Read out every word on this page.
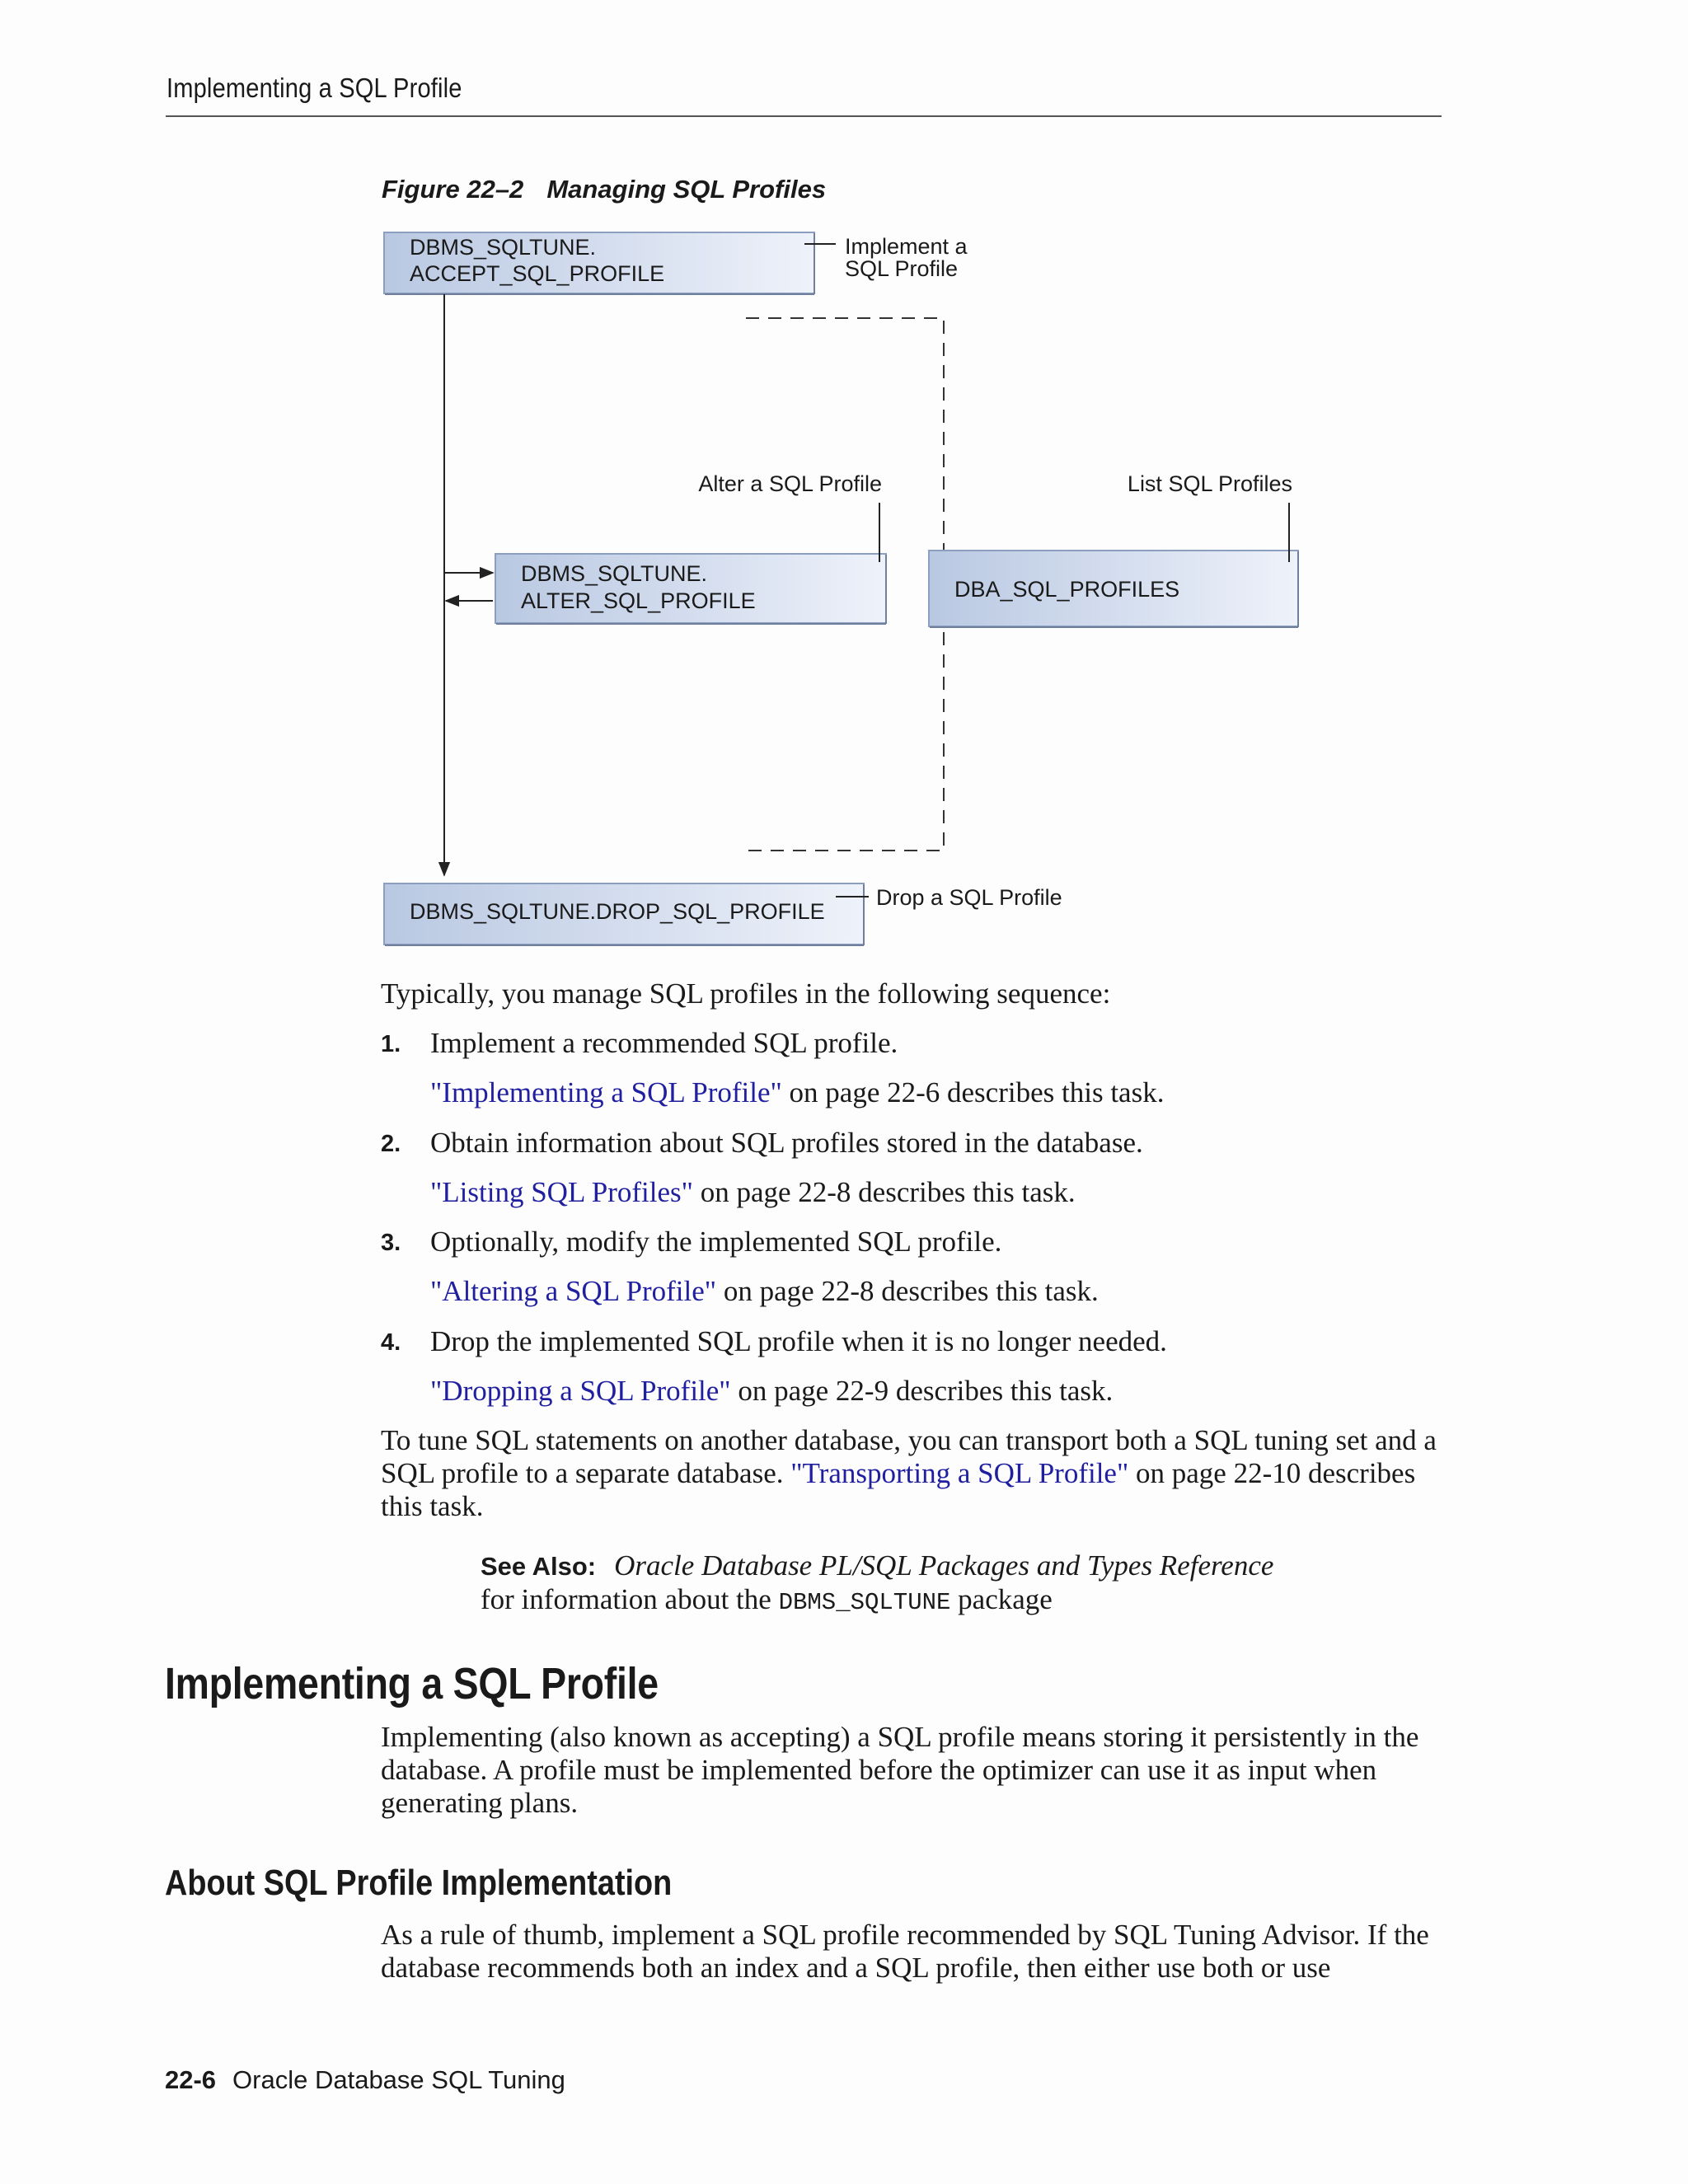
Implementing a SQL Profile
Figure 22–2 Managing SQL Profiles
DBMS_SQLTUNE.
ACCEPT_SQL_PROFILE
Implement a
SQL Profile
DBMS_SQLTUNE.
ALTER_SQL_PROFILE
Alter a SQL Profile
DBA_SQL_PROFILES
List SQL Profiles
DBMS_SQLTUNE.DROP_SQL_PROFILE
Drop a SQL Profile
Typically, you manage SQL profiles in the following sequence:
1. Implement a recommended SQL profile.
"Implementing a SQL Profile" on page 22-6 describes this task.
2. Obtain information about SQL profiles stored in the database.
"Listing SQL Profiles" on page 22-8 describes this task.
3. Optionally, modify the implemented SQL profile.
"Altering a SQL Profile" on page 22-8 describes this task.
4. Drop the implemented SQL profile when it is no longer needed.
"Dropping a SQL Profile" on page 22-9 describes this task.
To tune SQL statements on another database, you can transport both a SQL tuning set and a SQL profile to a separate database. "Transporting a SQL Profile" on page 22-10 describes this task.
See Also: Oracle Database PL/SQL Packages and Types Reference for information about the DBMS_SQLTUNE package
Implementing a SQL Profile
Implementing (also known as accepting) a SQL profile means storing it persistently in the database. A profile must be implemented before the optimizer can use it as input when generating plans.
About SQL Profile Implementation
As a rule of thumb, implement a SQL profile recommended by SQL Tuning Advisor. If the database recommends both an index and a SQL profile, then either use both or use
22-6 Oracle Database SQL Tuning
